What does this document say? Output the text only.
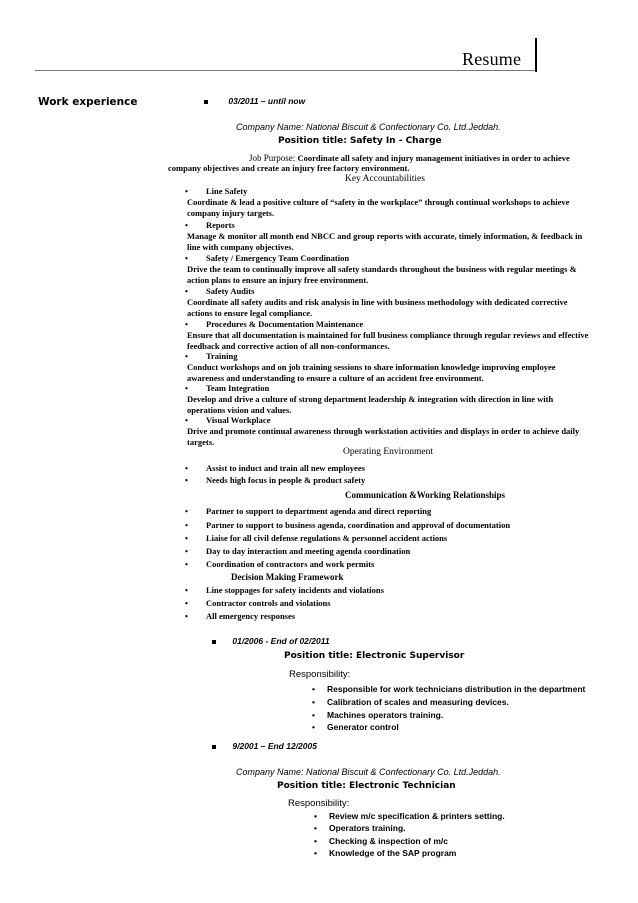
Resume
Work experience	03/2011 – until now
Company Name: National Biscuit & Confectionary Co. Ltd.Jeddah.
Position title: Safety In - Charge
Job Purpose: Coordinate all safety and injury management initiatives in order to achieve
company objectives and create an injury free factory environment.
Key Accountabilities
• Line Safety
Coordinate & lead a positive culture of “safety in the workplace” through continual workshops to achieve
company injury targets.
• Reports
Manage & monitor all month end NBCC and group reports with accurate, timely information, & feedback in
line with company objectives.
• Safety / Emergency Team Coordination
Drive the team to continually improve all safety standards throughout the business with regular meetings &
action plans to ensure an injury free environment.
• Safety Audits
Coordinate all safety audits and risk analysis in line with business methodology with dedicated corrective
actions to ensure legal compliance.
• Procedures & Documentation Maintenance
Ensure that all documentation is maintained for full business compliance through regular reviews and effective
feedback and corrective action of all non-conformances.
• Training
Conduct workshops and on job training sessions to share information knowledge improving employee
awareness and understanding to ensure a culture of an accident free environment.
• Team Integration
Develop and drive a culture of strong department leadership & integration with direction in line with
operations vision and values.
• Visual Workplace
Drive and promote continual awareness through workstation activities and displays in order to achieve daily
targets.
Operating Environment
• Assist to induct and train all new employees
• Needs high focus in people & product safety
Communication &Working Relationships
• Partner to support to department agenda and direct reporting
• Partner to support to business agenda, coordination and approval of documentation
• Liaise for all civil defense regulations & personnel accident actions
• Day to day interaction and meeting agenda coordination
• Coordination of contractors and work permits
Decision Making Framework
• Line stoppages for safety incidents and violations
• Contractor controls and violations
• All emergency responses
01/2006 - End of 02/2011
Position title: Electronic Supervisor
Responsibility:
• Responsible for work technicians distribution in the department
• Calibration of scales and measuring devices.
• Machines operators training.
• Generator control
9/2001 – End 12/2005
Company Name: National Biscuit & Confectionary Co. Ltd.Jeddah.
Position title: Electronic Technician
Responsibility:
• Review m/c specification & printers setting.
• Operators training.
• Checking & inspection of m/c
• Knowledge of the SAP program
